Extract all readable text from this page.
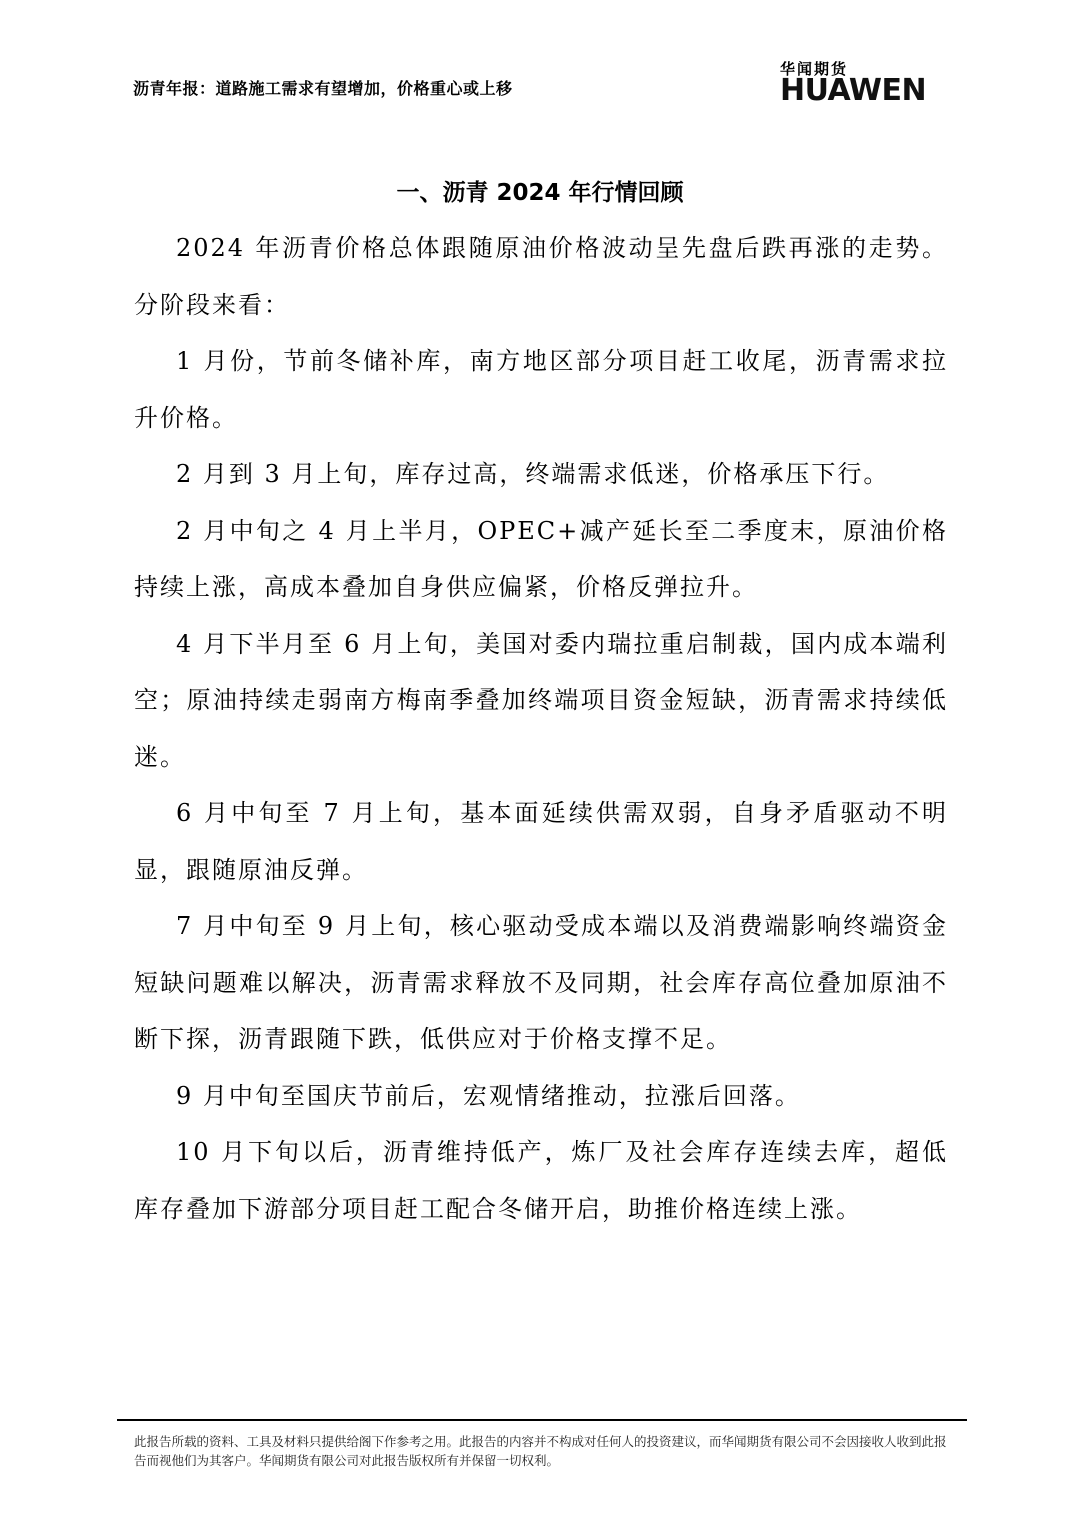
沥青年报：道路施工需求有望增加，价格重心或上移
华闻期货
HUAWEN
一、沥青 2024 年行情回顾

2024 年沥青价格总体跟随原油价格波动呈先盘后跌再涨的走势。分阶段来看：

1 月份，节前冬储补库，南方地区部分项目赶工收尾，沥青需求拉升价格。

2 月到 3 月上旬，库存过高，终端需求低迷，价格承压下行。

2 月中旬之 4 月上半月，OPEC+减产延长至二季度末，原油价格持续上涨，高成本叠加自身供应偏紧，价格反弹拉升。

4 月下半月至 6 月上旬，美国对委内瑞拉重启制裁，国内成本端利空；原油持续走弱南方梅南季叠加终端项目资金短缺，沥青需求持续低迷。

6 月中旬至 7 月上旬，基本面延续供需双弱，自身矛盾驱动不明显，跟随原油反弹。

7 月中旬至 9 月上旬，核心驱动受成本端以及消费端影响终端资金短缺问题难以解决，沥青需求释放不及同期，社会库存高位叠加原油不断下探，沥青跟随下跌，低供应对于价格支撑不足。

9 月中旬至国庆节前后，宏观情绪推动，拉涨后回落。

10 月下旬以后，沥青维持低产，炼厂及社会库存连续去库，超低库存叠加下游部分项目赶工配合冬储开启，助推价格连续上涨。

此报告所载的资料、工具及材料只提供给阁下作参考之用。此报告的内容并不构成对任何人的投资建议，而华闻期货有限公司不会因接收人收到此报告而视他们为其客户。华闻期货有限公司对此报告版权所有并保留一切权利。
